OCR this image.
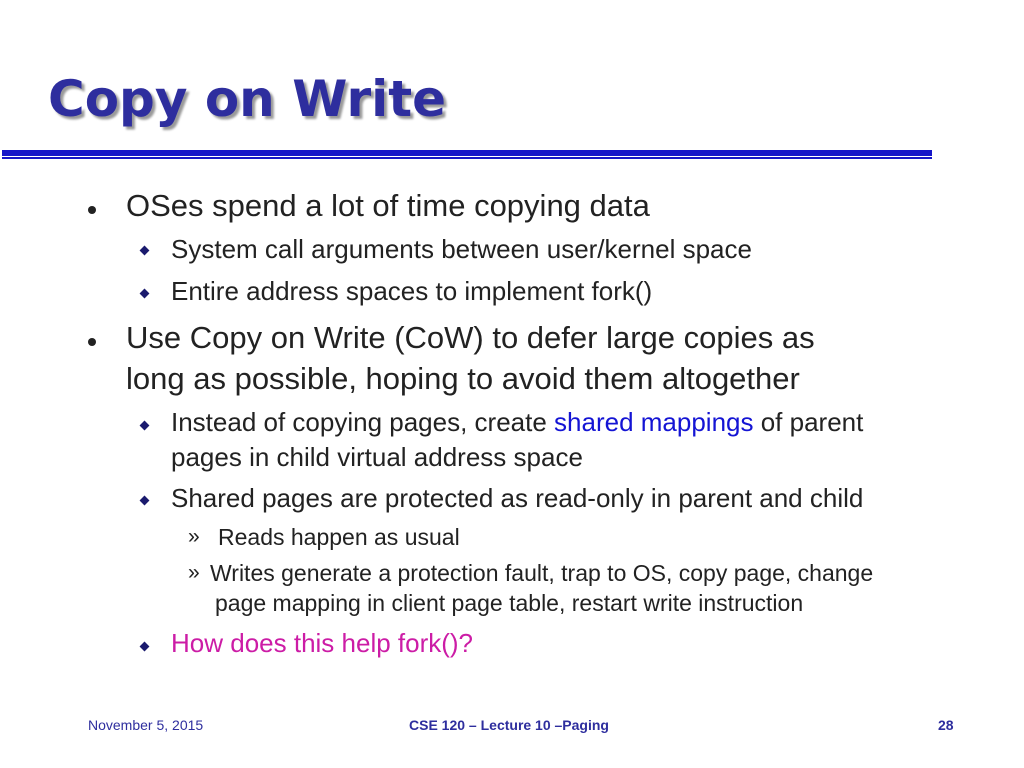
Copy on Write
OSes spend a lot of time copying data
System call arguments between user/kernel space
Entire address spaces to implement fork()
Use Copy on Write (CoW) to defer large copies as
long as possible, hoping to avoid them altogether
Instead of copying pages, create shared mappings of parent
pages in child virtual address space
Shared pages are protected as read-only in parent and child
» Reads happen as usual
» Writes generate a protection fault, trap to OS, copy page, change
page mapping in client page table, restart write instruction
How does this help fork()?
November 5, 2015	CSE 120 – Lecture 10 –Paging	28
